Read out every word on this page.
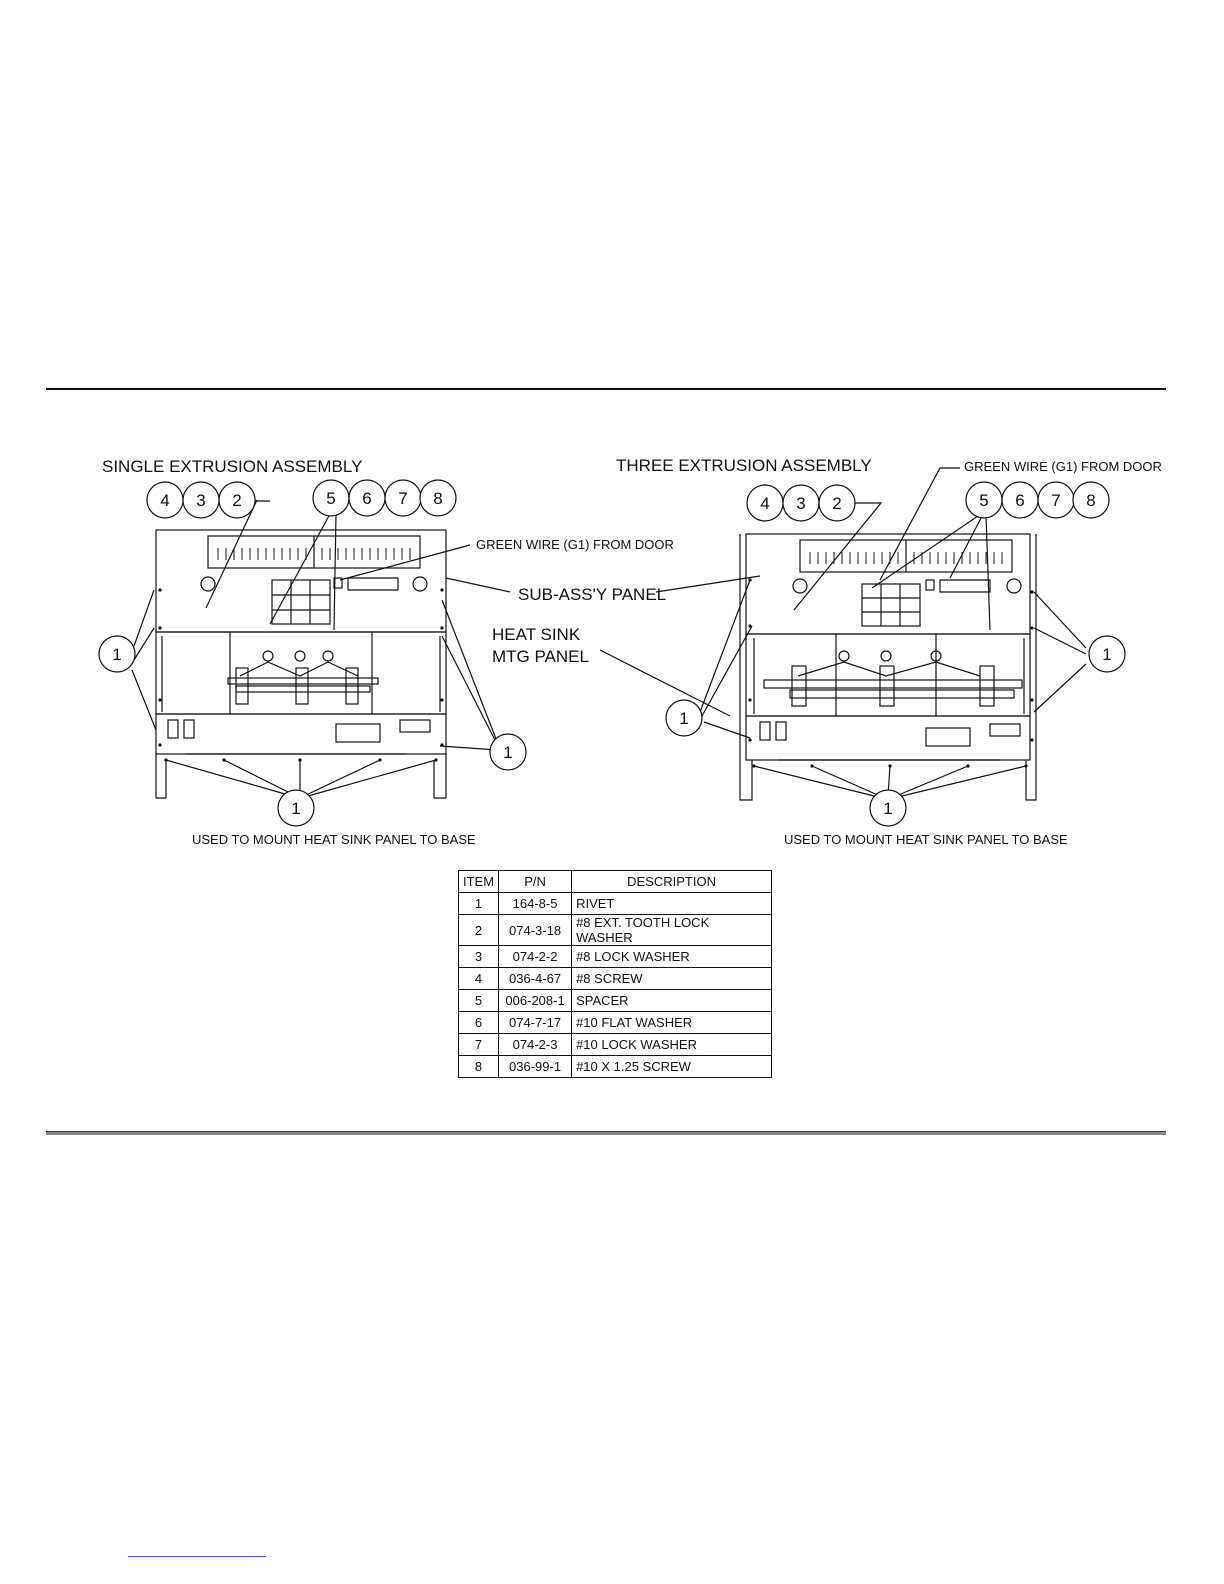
SINGLE EXTRUSION ASSEMBLY	THREE EXTRUSION ASSEMBLY
GREEN WIRE (G1) FROM DOOR
GREEN WIRE (G1) FROM DOOR
SUB-ASS'Y PANEL
HEAT SINK
MTG PANEL
USED TO MOUNT HEAT SINK PANEL TO BASE	USED TO MOUNT HEAT SINK PANEL TO BASE
4 3 2	5 6 7 8
1
1
1
4 3 2	5 6 7 8
1
1
1
ITEM	P/N	DESCRIPTION
1	164-8-5	RIVET
2	074-3-18	#8 EXT. TOOTH LOCK WASHER
3	074-2-2	#8 LOCK WASHER
4	036-4-67	#8 SCREW
5	006-208-1	SPACER
6	074-7-17	#10 FLAT WASHER
7	074-2-3	#10 LOCK WASHER
8	036-99-1	#10 X 1.25 SCREW
